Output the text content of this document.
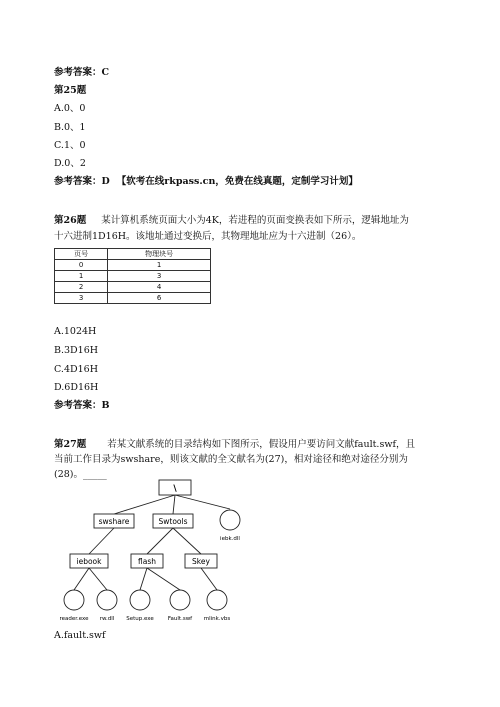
参考答案：C
第25题
A.0、0
B.0、1
C.1、0
D.0、2
参考答案：D 【软考在线rkpass.cn，免费在线真题，定制学习计划】
第26题 某计算机系统页面大小为4K，若进程的页面变换表如下所示，逻辑地址为
十六进制1D16H。该地址通过变换后，其物理地址应为十六进制（26）。
页号	物理块号
0	1
1	3
2	4
3	6
A.1024H
B.3D16H
C.4D16H
D.6D16H
参考答案：B
第27题 若某文献系统的目录结构如下图所示，假设用户要访问文献fault.swf，且
当前工作目录为swshare，则该文献的全文献名为(27)，相对途径和绝对途径分别为
(28)。_____
\
swshare	Swtools
iebk.dll
iebook	flash	Skey
reader.exe rw.dll Setup.exe	Fault.swf mlink.vbs
A.fault.swf
